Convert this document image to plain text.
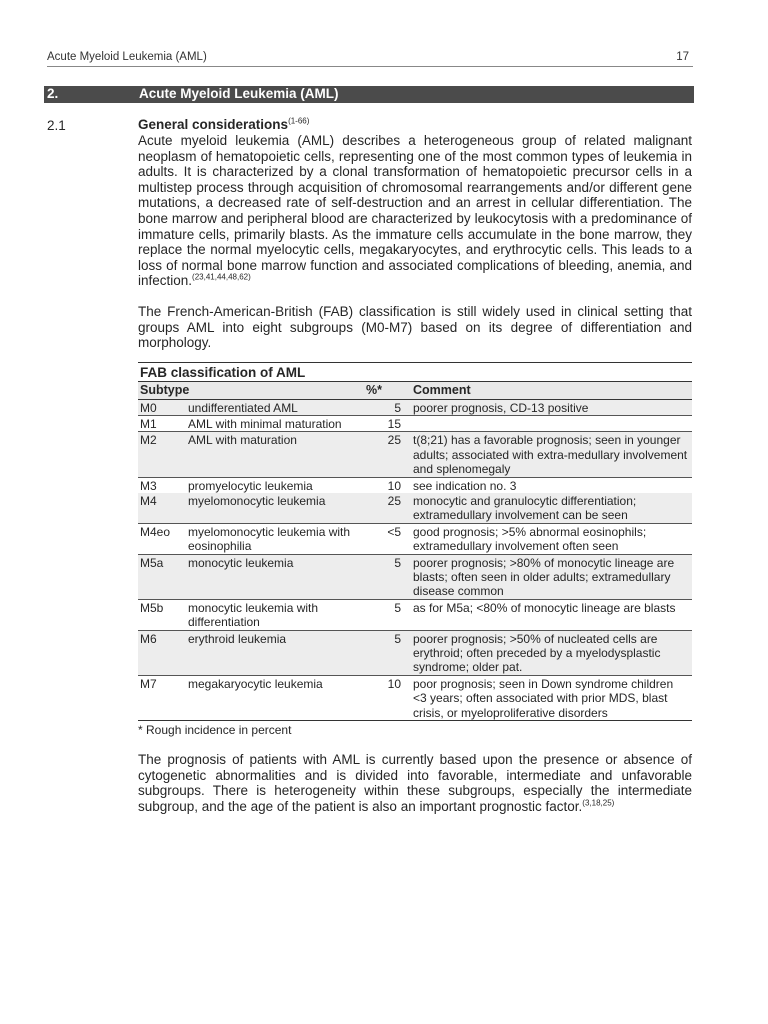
Acute Myeloid Leukemia (AML)	17
2.	Acute Myeloid Leukemia (AML)
2.1	General considerations$^{(1-66)}$

Acute myeloid leukemia (AML) describes a heterogeneous group of related malignant neoplasm of hematopoietic cells, representing one of the most common types of leukemia in adults. It is characterized by a clonal transformation of hematopoietic precursor cells in a multistep process through acquisition of chromosomal rearrangements and/or different gene mutations, a decreased rate of self-destruction and an arrest in cellular differentiation. The bone marrow and peripheral blood are characterized by leukocytosis with a predominance of immature cells, primarily blasts. As the immature cells accumulate in the bone marrow, they replace the normal myelocytic cells, megakaryocytes, and erythrocytic cells. This leads to a loss of normal bone marrow function and associated complications of bleeding, anemia, and infection.$^{(23,41,44,48,62)}$

The French-American-British (FAB) classification is still widely used in clinical setting that groups AML into eight subgroups (M0-M7) based on its degree of differentiation and morphology.

FAB classification of AML
Subtype		%*	Comment
M0	undifferentiated AML	5	poorer prognosis, CD-13 positive
M1	AML with minimal maturation	15	
M2	AML with maturation	25	t(8;21) has a favorable prognosis; seen in younger adults; associated with extra-medullary involvement and splenomegaly
M3	promyelocytic leukemia	10	see indication no. 3
M4	myelomonocytic leukemia	25	monocytic and granulocytic differentiation; extramedullary involvement can be seen
M4eo	myelomonocytic leukemia with eosinophilia	<5	good prognosis; >5% abnormal eosinophils; extramedullary involvement often seen
M5a	monocytic leukemia	5	poorer prognosis; >80% of monocytic lineage are blasts; often seen in older adults; extramedullary disease common
M5b	monocytic leukemia with differentiation	5	as for M5a; <80% of monocytic lineage are blasts
M6	erythroid leukemia	5	poorer prognosis; >50% of nucleated cells are erythroid; often preceded by a myelodysplastic syndrome; older pat.
M7	megakaryocytic leukemia	10	poor prognosis; seen in Down syndrome children <3 years; often associated with prior MDS, blast crisis, or myeloproliferative disorders
* Rough incidence in percent

The prognosis of patients with AML is currently based upon the presence or absence of cytogenetic abnormalities and is divided into favorable, intermediate and unfavorable subgroups. There is heterogeneity within these subgroups, especially the intermediate subgroup, and the age of the patient is also an important prognostic factor.$^{(3,18,25)}$
